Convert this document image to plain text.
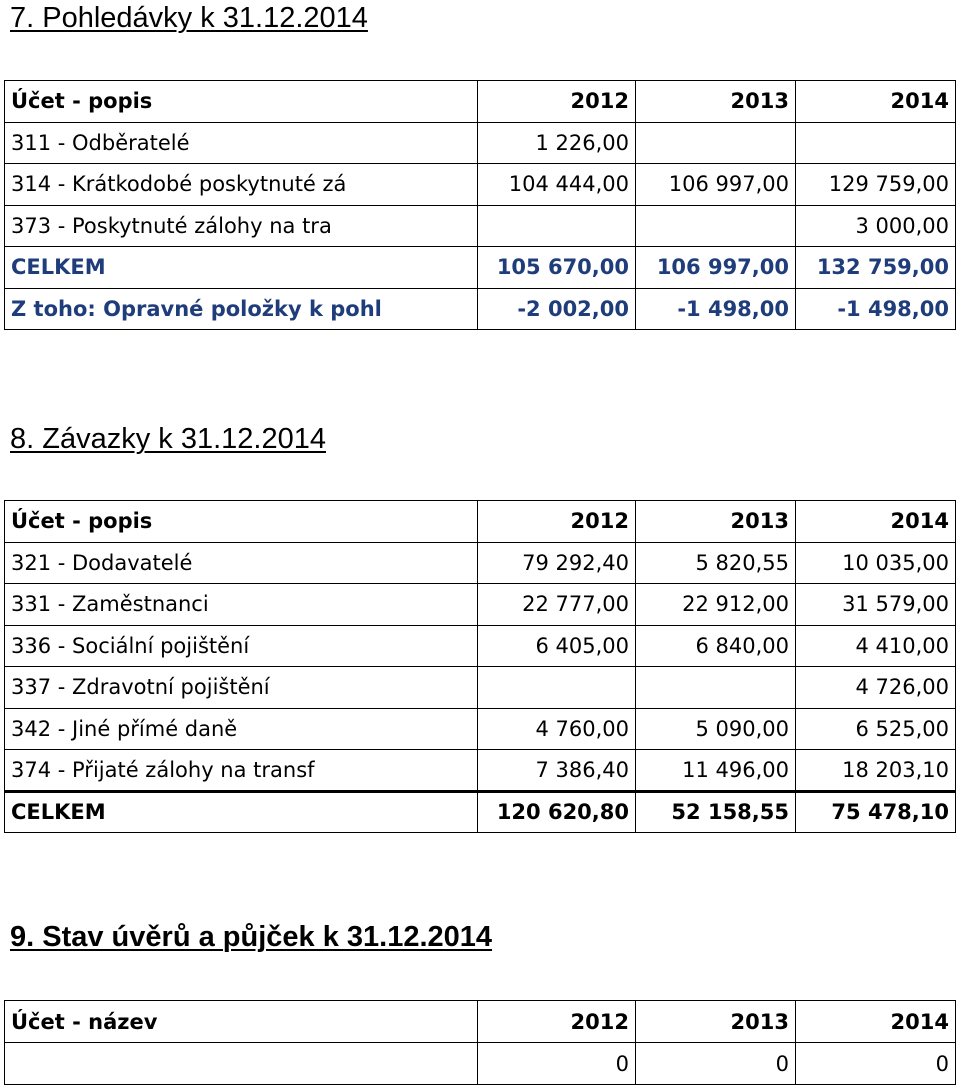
7. Pohledávky k 31.12.2014
Účet - popis	2012	2013	2014
311 - Odběratelé	1 226,00		
314 - Krátkodobé poskytnuté zá	104 444,00	106 997,00	129 759,00
373 - Poskytnuté zálohy na tra			3 000,00
CELKEM	105 670,00	106 997,00	132 759,00
Z toho: Opravné položky k pohl	-2 002,00	-1 498,00	-1 498,00
8. Závazky k 31.12.2014
Účet - popis	2012	2013	2014
321 - Dodavatelé	79 292,40	5 820,55	10 035,00
331 - Zaměstnanci	22 777,00	22 912,00	31 579,00
336 - Sociální pojištění	6 405,00	6 840,00	4 410,00
337 - Zdravotní pojištění			4 726,00
342 - Jiné přímé daně	4 760,00	5 090,00	6 525,00
374 - Přijaté zálohy na transf	7 386,40	11 496,00	18 203,10
CELKEM	120 620,80	52 158,55	75 478,10
9. Stav úvěrů a půjček k 31.12.2014
Účet - název	2012	2013	2014
	0	0	0
